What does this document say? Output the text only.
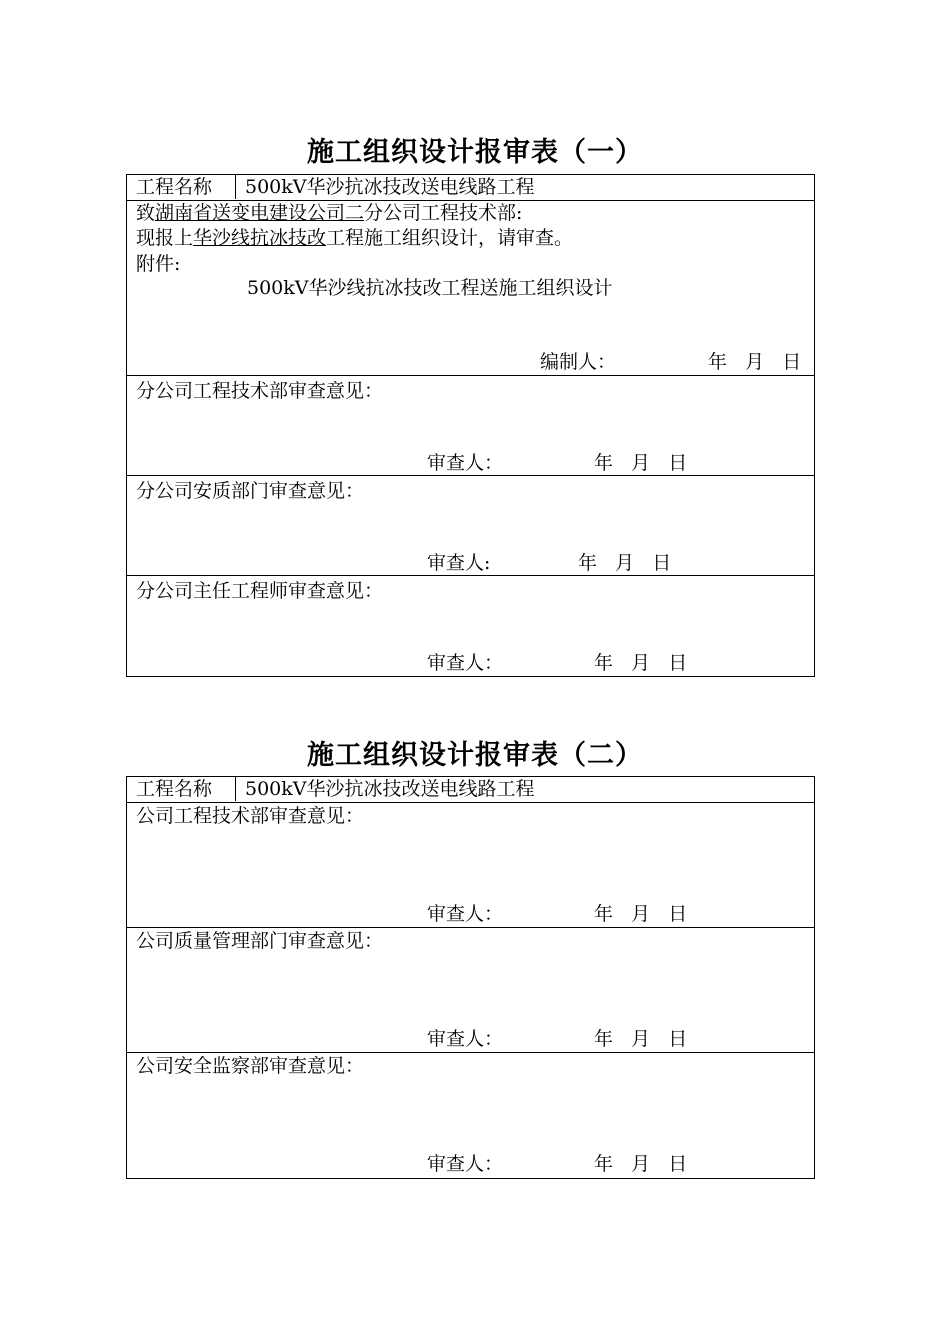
施工组织设计报审表（一）
工程名称 500kV华沙抗冰技改送电线路工程
致湖南省送变电建设公司二分公司工程技术部:
现报上华沙线抗冰技改工程施工组织设计，请审查。
附件:
500kV华沙线抗冰技改工程送施工组织设计
编制人：	年   月   日
分公司工程技术部审查意见：
审查人：	年   月   日
分公司安质部门审查意见：
审查人:	年   月   日
分公司主任工程师审查意见：
审查人：	年   月   日
施工组织设计报审表（二）
工程名称 500kV华沙抗冰技改送电线路工程
公司工程技术部审查意见：
审查人：	年   月   日
公司质量管理部门审查意见：
审查人：	年   月   日
公司安全监察部审查意见：
审查人：	年   月   日
